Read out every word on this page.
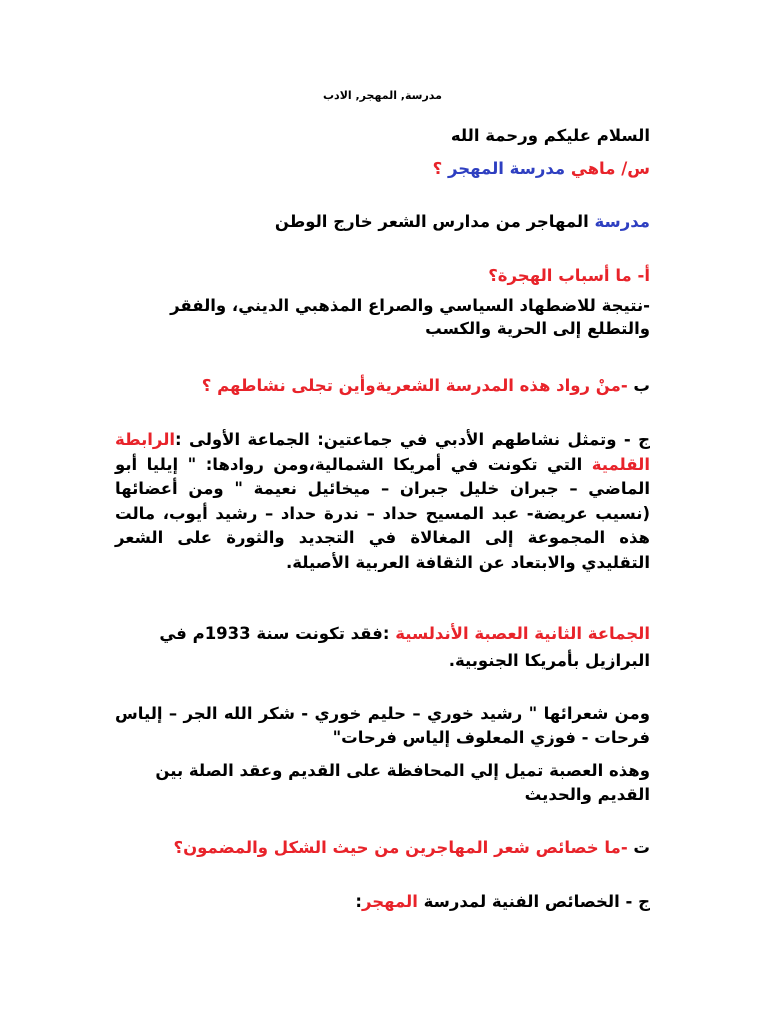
مدرسة, المهجر, الادب

السلام عليكم ورحمة الله

س/ ماهي مدرسة المهجر ؟

مدرسة المهاجر من مدارس الشعر خارج الوطن

أ- ما أسباب الهجرة؟

-نتيجة للاضطهاد السياسي والصراع المذهبي الديني، والفقر والتطلع إلى الحرية والكسب

ب -منْ رواد هذه المدرسة الشعريةوأين تجلى نشاطهم ؟

ج - وتمثل نشاطهم الأدبي في جماعتين: الجماعة الأولى :الرابطة القلمية التي تكونت في أمريكا الشمالية،ومن روادها: " إيليا أبو الماضي – جبران خليل جبران – ميخائيل نعيمة " ومن أعضائها (نسيب عريضة- عبد المسيح حداد – ندرة حداد – رشيد أيوب، مالت هذه المجموعة إلى المغالاة في التجديد والثورة على الشعر التقليدي والابتعاد عن الثقافة العربية الأصيلة.

الجماعة الثانية العصبة الأندلسية :فقد تكونت سنة 1933م في البرازيل بأمريكا الجنوبية.

ومن شعرائها " رشيد خوري – حليم خوري - شكر الله الجر – إلياس فرحات - فوزي المعلوف إلياس فرحات"

وهذه العصبة تميل إلي المحافظة على القديم وعقد الصلة بين القديم والحديث

ت -ما خصائص شعر المهاجرين من حيث الشكل والمضمون؟

ج - الخصائص الفنية لمدرسة المهجر:
